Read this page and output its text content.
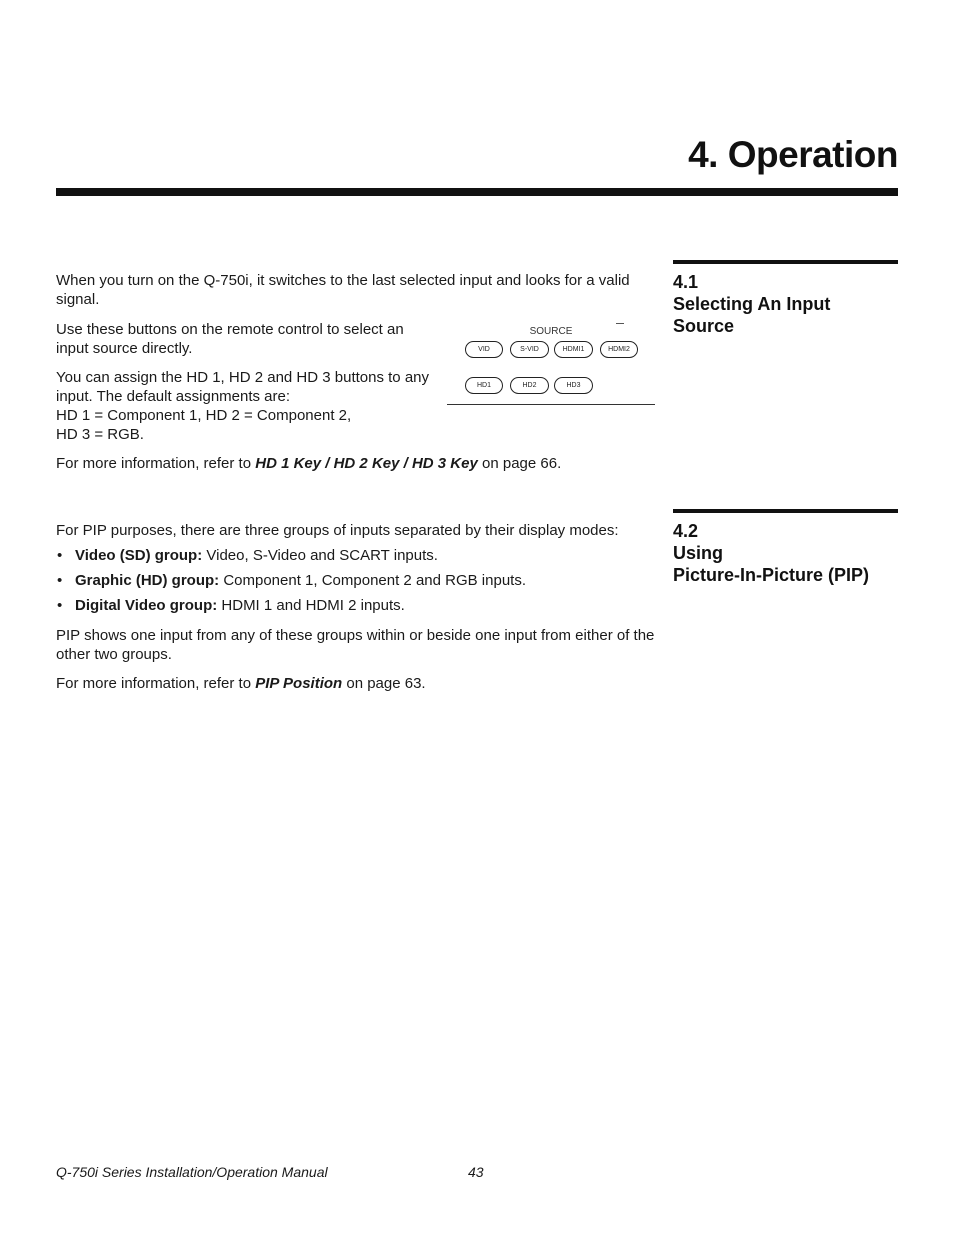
4. Operation
4.1
Selecting An Input
Source

When you turn on the Q-750i, it switches to the last selected input and looks for a valid signal.

Use these buttons on the remote control to select an input source directly.

You can assign the HD 1, HD 2 and HD 3 buttons to any input. The default assignments are:
HD 1 = Component 1, HD 2 = Component 2,
HD 3 = RGB.

SOURCE
VID	S-VID	HDMI1	HDMI2
HD1	HD2	HD3

For more information, refer to HD 1 Key / HD 2 Key / HD 3 Key on page 66.

4.2
Using
Picture-In-Picture (PIP)

For PIP purposes, there are three groups of inputs separated by their display modes:

• Video (SD) group: Video, S-Video and SCART inputs.
• Graphic (HD) group: Component 1, Component 2 and RGB inputs.
• Digital Video group: HDMI 1 and HDMI 2 inputs.

PIP shows one input from any of these groups within or beside one input from either of the other two groups.

For more information, refer to PIP Position on page 63.

Q-750i Series Installation/Operation Manual	43
